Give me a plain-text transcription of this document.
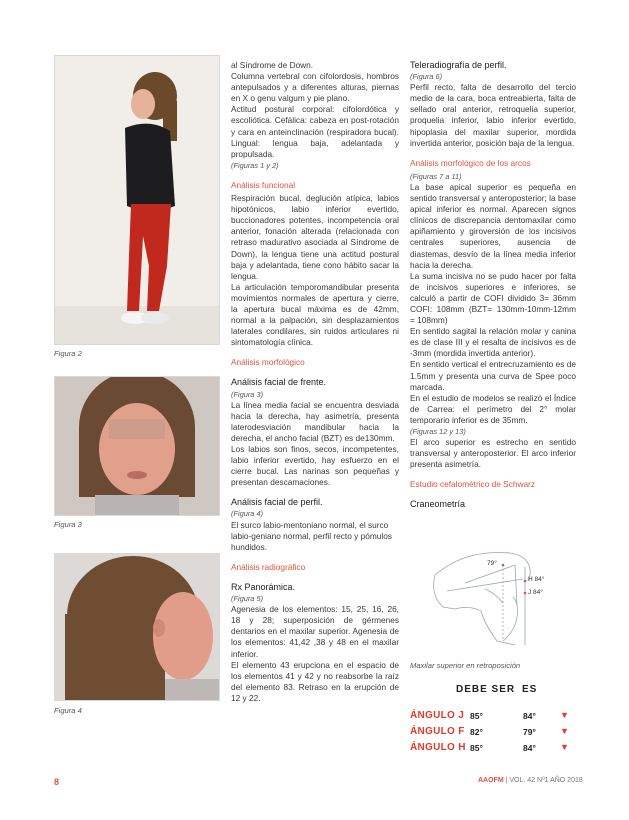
Figura 2
Figura 3
Figura 4

al Síndrome de Down.

Columna vertebral con cifolordosis, hombros antepulsados y a diferentes alturas, piernas en X o genu valgum y pie plano.

Actitud postural corporal: cifolordótica y escoliótica. Cefálica: cabeza en post-rotación y cara en anteinclinación (respiradora bucal). Lingual: lengua baja, adelantada y propulsada.

(Figuras 1 y 2)

Análisis funcional

Respiración bucal, deglución atípica, labios hipotónicos, labio inferior evertido, buccionadores potentes, incompetencia oral anterior, fonación alterada (relacionada con retraso madurativo asociada al Síndrome de Down), la lengua tiene una actitud postural baja y adelantada, tiene cono hábito sacar la lengua.

La articulación temporomandibular presenta movimientos normales de apertura y cierre, la apertura bucal máxima es de 42mm, normal a la palpación, sin desplazamientos laterales condilares, sin ruidos articulares ni sintomatología clínica.

Análisis morfológico

Análisis facial de frente.

(Figura 3)

La línea media facial se encuentra desviada hacia la derecha, hay asimetría, presenta laterodesviación mandibular hacia la derecha, el ancho facial (BZT) es de130mm.

Los labios son finos, secos, incompetentes, labio inferior evertido, hay esfuerzo en el cierre bucal. Las narinas son pequeñas y presentan descamaciones.

Análisis facial de perfil.

(Figura 4)

El surco labio-mentoniano normal, el surco labio-geniano normal, perfil recto y pómulos hundidos.

Análisis radiográfico

Rx Panorámica.

(Figura 5)

Agenesia de los elementos: 15, 25, 16, 26, 18 y 28; superposición de gérmenes dentarios en el maxilar superior. Agenesia de los elementos: 41,42 ,38 y 48 en el maxilar inferior.

El elemento 43 erupciona en el espacio de los elementos 41 y 42 y no reabsorbe la raíz del elemento 83. Retraso en la erupción de 12 y 22.

Teleradiografía de perfil.

(Figura 6)

Perfil recto, falta de desarrollo del tercio medio de la cara, boca entreabierta, falta de sellado oral anterior, retroquelia superior, proquelia inferior, labio inferior evertido, hipoplasia del maxilar superior, mordida invertida anterior, posición baja de la lengua.

Análisis morfológico de los arcos

(Figuras 7 a 11)

La base apical superior es pequeña en sentido transversal y anteroposterior; la base apical inferior es normal. Aparecen signos clínicos de discrepancia dentomaxilar como apiñamiento y giroversión de los incisivos centrales superiores, ausencia de diastemas, desvío de la línea media inferior hacia la derecha.

La suma incisiva no se pudo hacer por falta de incisivos superiores e inferiores, se calculó a partir de COFI dividido 3= 36mm COFI: 108mm (BZT= 130mm-10mm-12mm = 108mm)

En sentido sagital la relación molar y canina es de clase III y el resalta de incisivos es de -3mm (mordida invertida anterior).

En sentido vertical el entrecruzamiento es de 1.5mm y presenta una curva de Spee poco marcada.

En el estudio de modelos se realizó el Índice de Carrea: el perímetro del 2° molar temporario inferior es de 35mm.

(Figuras 12 y 13)

El arco superior es estrecho en sentido transversal y anteroposterior. El arco inferior presenta asimetría.

Estudio cefalométrico de Schwarz

Craneometría

79°
H 84°
J 84°
Maxilar superior en retroposición
DEBE SER ES
ÁNGULO J 85°	84°	▼
ÁNGULO F 82°	79°	▼
ÁNGULO H 85°	84°	▼
8	AAOFM | VOL. 42 Nº1 AÑO 2018
